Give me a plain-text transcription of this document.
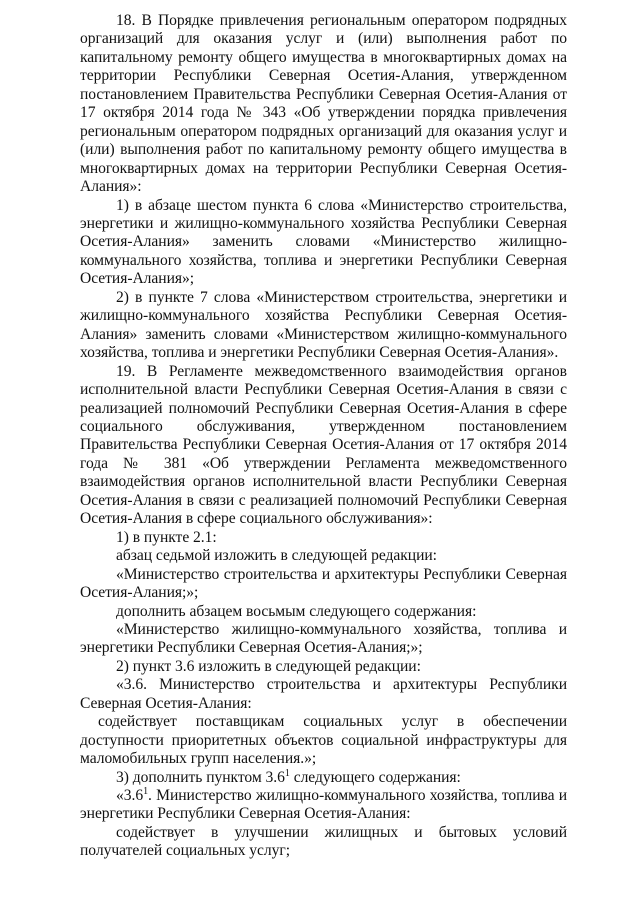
18. В Порядке привлечения региональным оператором подрядных организаций для оказания услуг и (или) выполнения работ по капитальному ремонту общего имущества в многоквартирных домах на территории Республики Северная Осетия-Алания, утвержденном постановлением Правительства Республики Северная Осетия-Алания от 17 октября 2014 года № 343 «Об утверждении порядка привлечения региональным оператором подрядных организаций для оказания услуг и (или) выполнения работ по капитальному ремонту общего имущества в многоквартирных домах на территории Республики Северная Осетия-Алания»:

1) в абзаце шестом пункта 6 слова «Министерство строительства, энергетики и жилищно-коммунального хозяйства Республики Северная Осетия-Алания» заменить словами «Министерство жилищно-коммунального хозяйства, топлива и энергетики Республики Северная Осетия-Алания»;

2) в пункте 7 слова «Министерством строительства, энергетики и жилищно-коммунального хозяйства Республики Северная Осетия-Алания» заменить словами «Министерством жилищно-коммунального хозяйства, топлива и энергетики Республики Северная Осетия-Алания».

19. В Регламенте межведомственного взаимодействия органов исполнительной власти Республики Северная Осетия-Алания в связи с реализацией полномочий Республики Северная Осетия-Алания в сфере социального обслуживания, утвержденном постановлением Правительства Республики Северная Осетия-Алания от 17 октября 2014 года № 381 «Об утверждении Регламента межведомственного взаимодействия органов исполнительной власти Республики Северная Осетия-Алания в связи с реализацией полномочий Республики Северная Осетия-Алания в сфере социального обслуживания»:

1) в пункте 2.1:

абзац седьмой изложить в следующей редакции:

«Министерство строительства и архитектуры Республики Северная Осетия-Алания;»;

дополнить абзацем восьмым следующего содержания:

«Министерство жилищно-коммунального хозяйства, топлива и энергетики Республики Северная Осетия-Алания;»;

2) пункт 3.6 изложить в следующей редакции:

«3.6. Министерство строительства и архитектуры Республики Северная Осетия-Алания:

содействует поставщикам социальных услуг в обеспечении доступности приоритетных объектов социальной инфраструктуры для маломобильных групп населения.»;

3) дополнить пунктом $3.6^1$ следующего содержания:

«$3.6^1$. Министерство жилищно-коммунального хозяйства, топлива и энергетики Республики Северная Осетия-Алания:

содействует в улучшении жилищных и бытовых условий получателей социальных услуг;
